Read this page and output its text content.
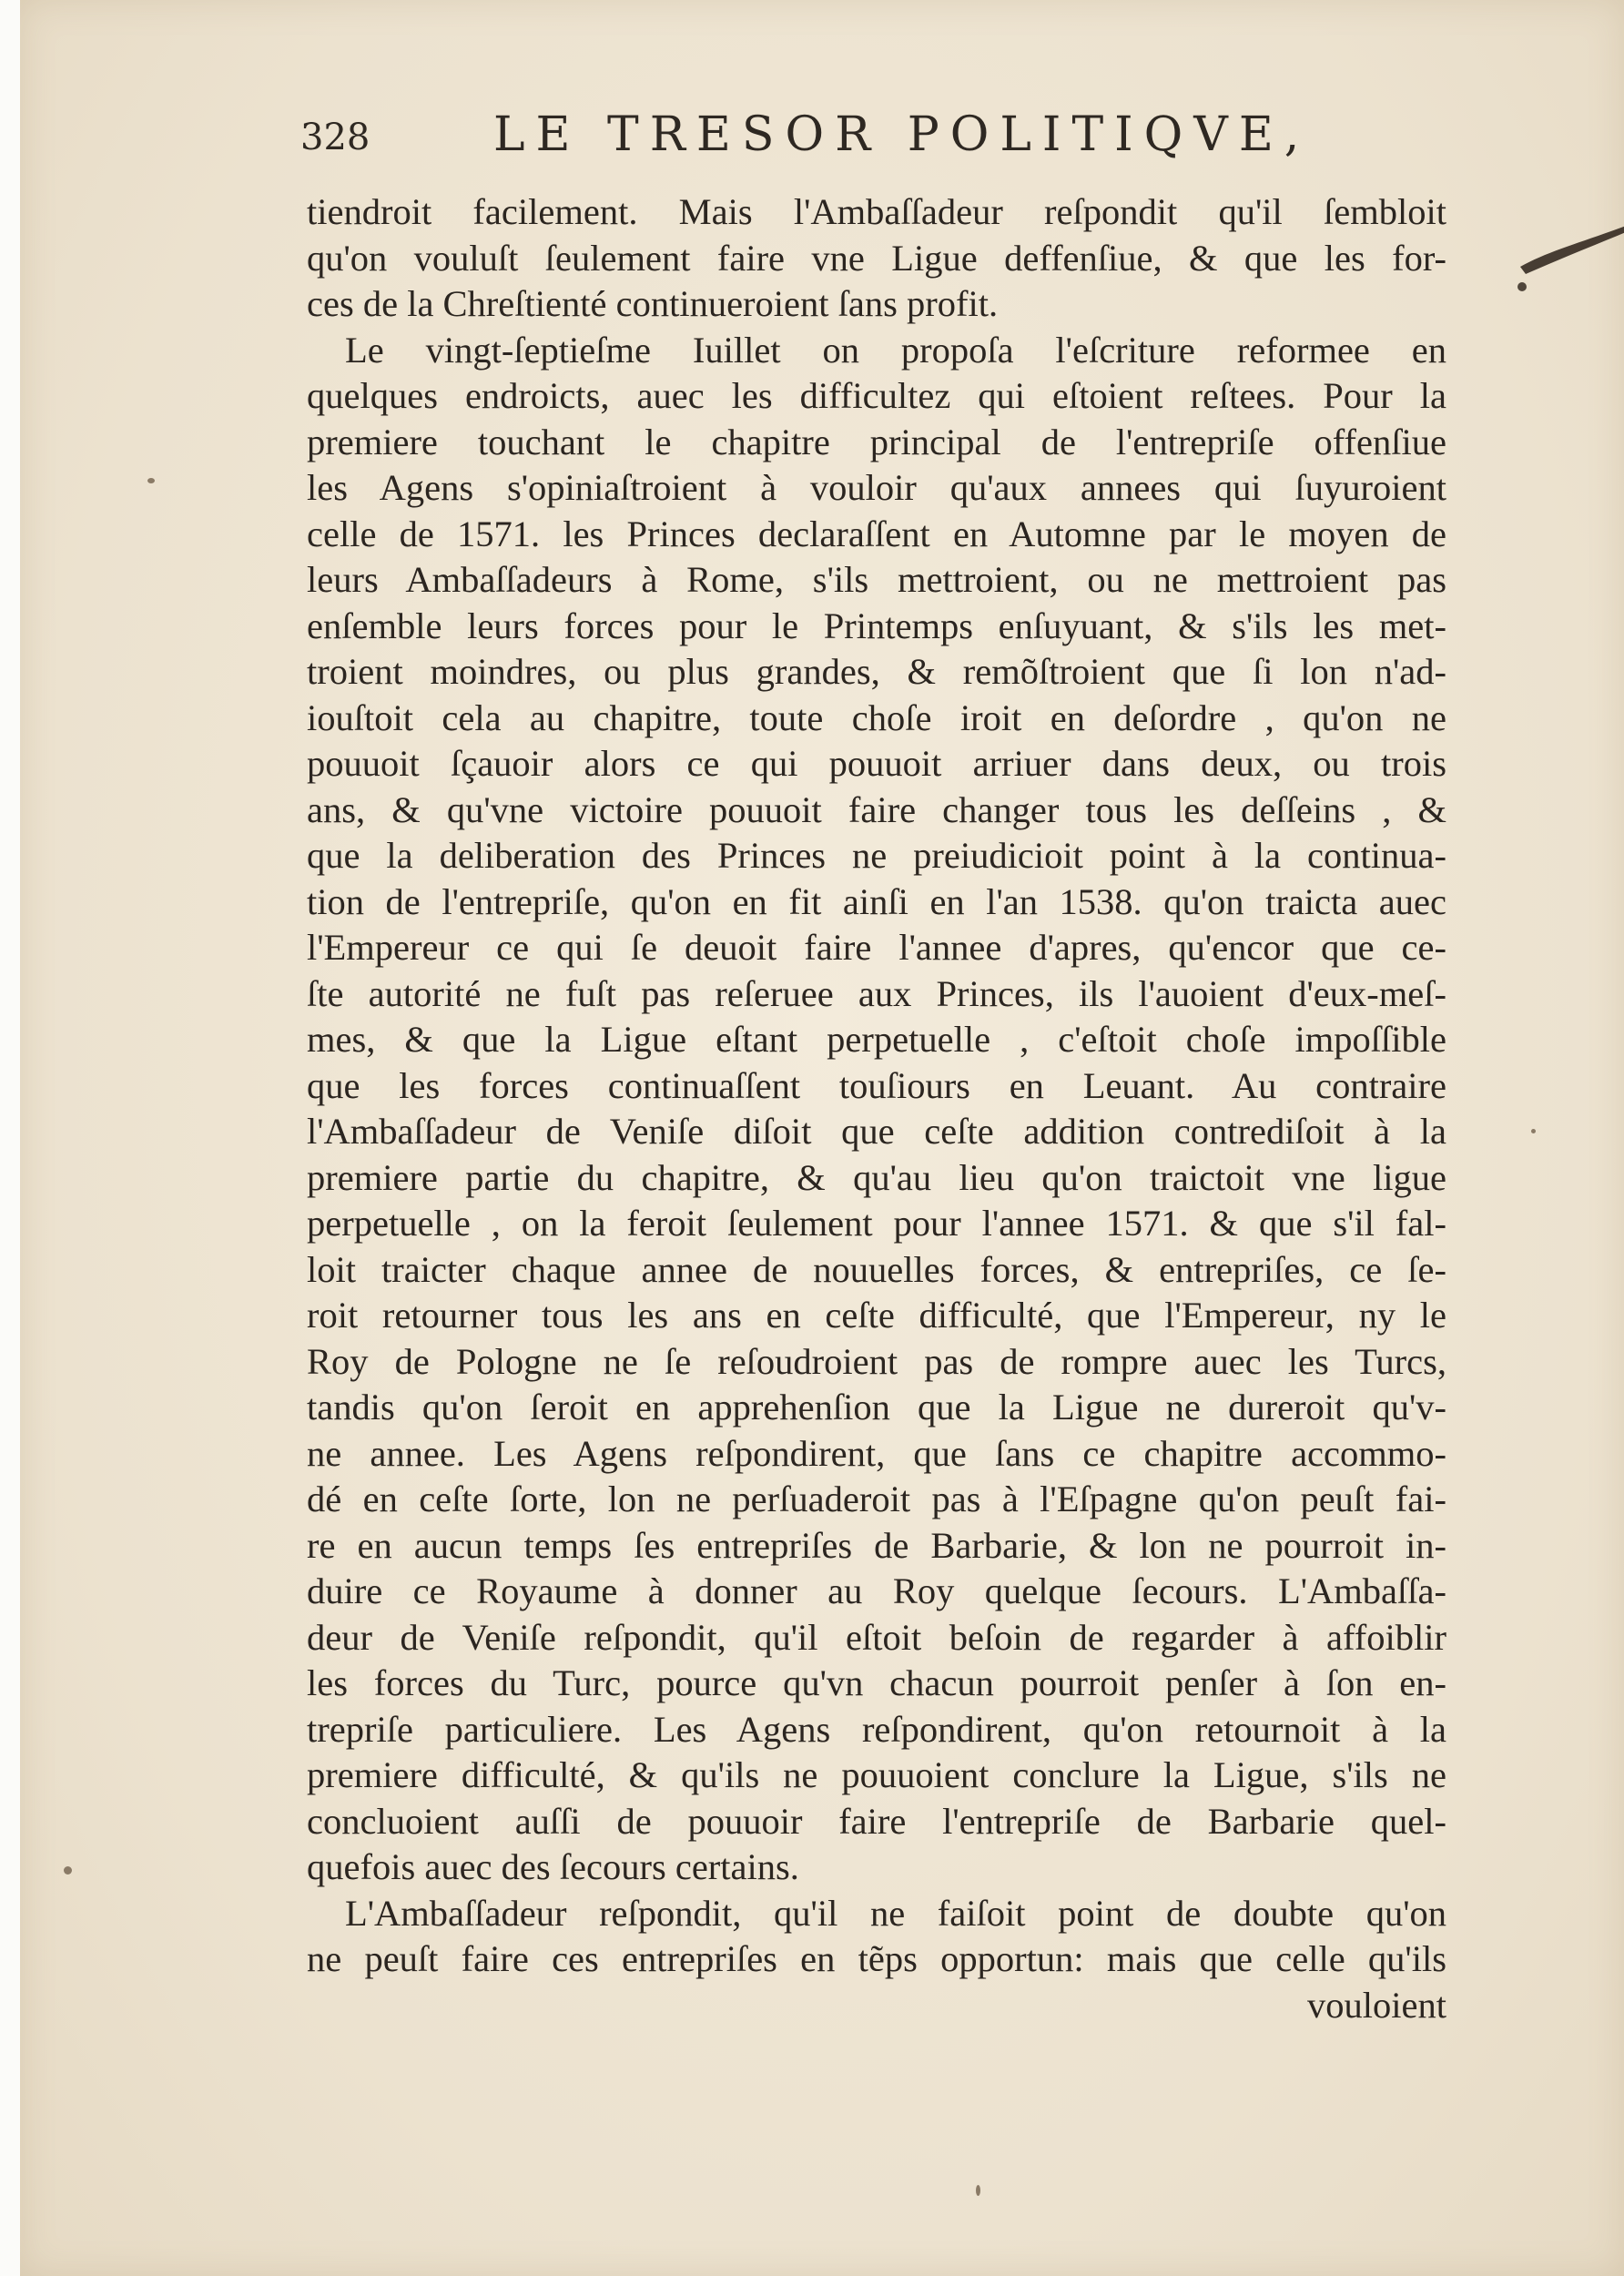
328	LE TRESOR POLITIQVE,
tiendroit facilement. Mais l'Ambaſſadeur reſpondit qu'il ſembloit
qu'on vouluſt ſeulement faire vne Ligue deffenſiue, & que les for-
ces de la Chreſtienté continueroient ſans profit.
Le vingt-ſeptieſme Iuillet on propoſa l'eſcriture reformee en
quelques endroicts, auec les difficultez qui eſtoient reſtees. Pour la
premiere touchant le chapitre principal de l'entrepriſe offenſiue
les Agens s'opiniaſtroient à vouloir qu'aux annees qui ſuyuroient
celle de 1571. les Princes declaraſſent en Automne par le moyen de
leurs Ambaſſadeurs à Rome, s'ils mettroient, ou ne mettroient pas
enſemble leurs forces pour le Printemps enſuyuant, & s'ils les met-
troient moindres, ou plus grandes, & remõſtroient que ſi lon n'ad-
iouſtoit cela au chapitre, toute choſe iroit en deſordre , qu'on ne
pouuoit ſçauoir alors ce qui pouuoit arriuer dans deux, ou trois
ans, & qu'vne victoire pouuoit faire changer tous les deſſeins , &
que la deliberation des Princes ne preiudicioit point à la continua-
tion de l'entrepriſe, qu'on en fit ainſi en l'an 1538. qu'on traicta auec
l'Empereur ce qui ſe deuoit faire l'annee d'apres, qu'encor que ce-
ſte autorité ne fuſt pas reſeruee aux Princes, ils l'auoient d'eux-meſ-
mes, & que la Ligue eſtant perpetuelle , c'eſtoit choſe impoſſible
que les forces continuaſſent touſiours en Leuant. Au contraire
l'Ambaſſadeur de Veniſe diſoit que ceſte addition contrediſoit à la
premiere partie du chapitre, & qu'au lieu qu'on traictoit vne ligue
perpetuelle , on la feroit ſeulement pour l'annee 1571. & que s'il fal-
loit traicter chaque annee de nouuelles forces, & entrepriſes, ce ſe-
roit retourner tous les ans en ceſte difficulté, que l'Empereur, ny le
Roy de Pologne ne ſe reſoudroient pas de rompre auec les Turcs,
tandis qu'on ſeroit en apprehenſion que la Ligue ne dureroit qu'v-
ne annee. Les Agens reſpondirent, que ſans ce chapitre accommo-
dé en ceſte ſorte, lon ne perſuaderoit pas à l'Eſpagne qu'on peuſt fai-
re en aucun temps ſes entrepriſes de Barbarie, & lon ne pourroit in-
duire ce Royaume à donner au Roy quelque ſecours. L'Ambaſſa-
deur de Veniſe reſpondit, qu'il eſtoit beſoin de regarder à affoiblir
les forces du Turc, pource qu'vn chacun pourroit penſer à ſon en-
trepriſe particuliere. Les Agens reſpondirent, qu'on retournoit à la
premiere difficulté, & qu'ils ne pouuoient conclure la Ligue, s'ils ne
concluoient auſſi de pouuoir faire l'entrepriſe de Barbarie quel-
quefois auec des ſecours certains.
L'Ambaſſadeur reſpondit, qu'il ne faiſoit point de doubte qu'on
ne peuſt faire ces entrepriſes en tẽps opportun: mais que celle qu'ils
vouloient
